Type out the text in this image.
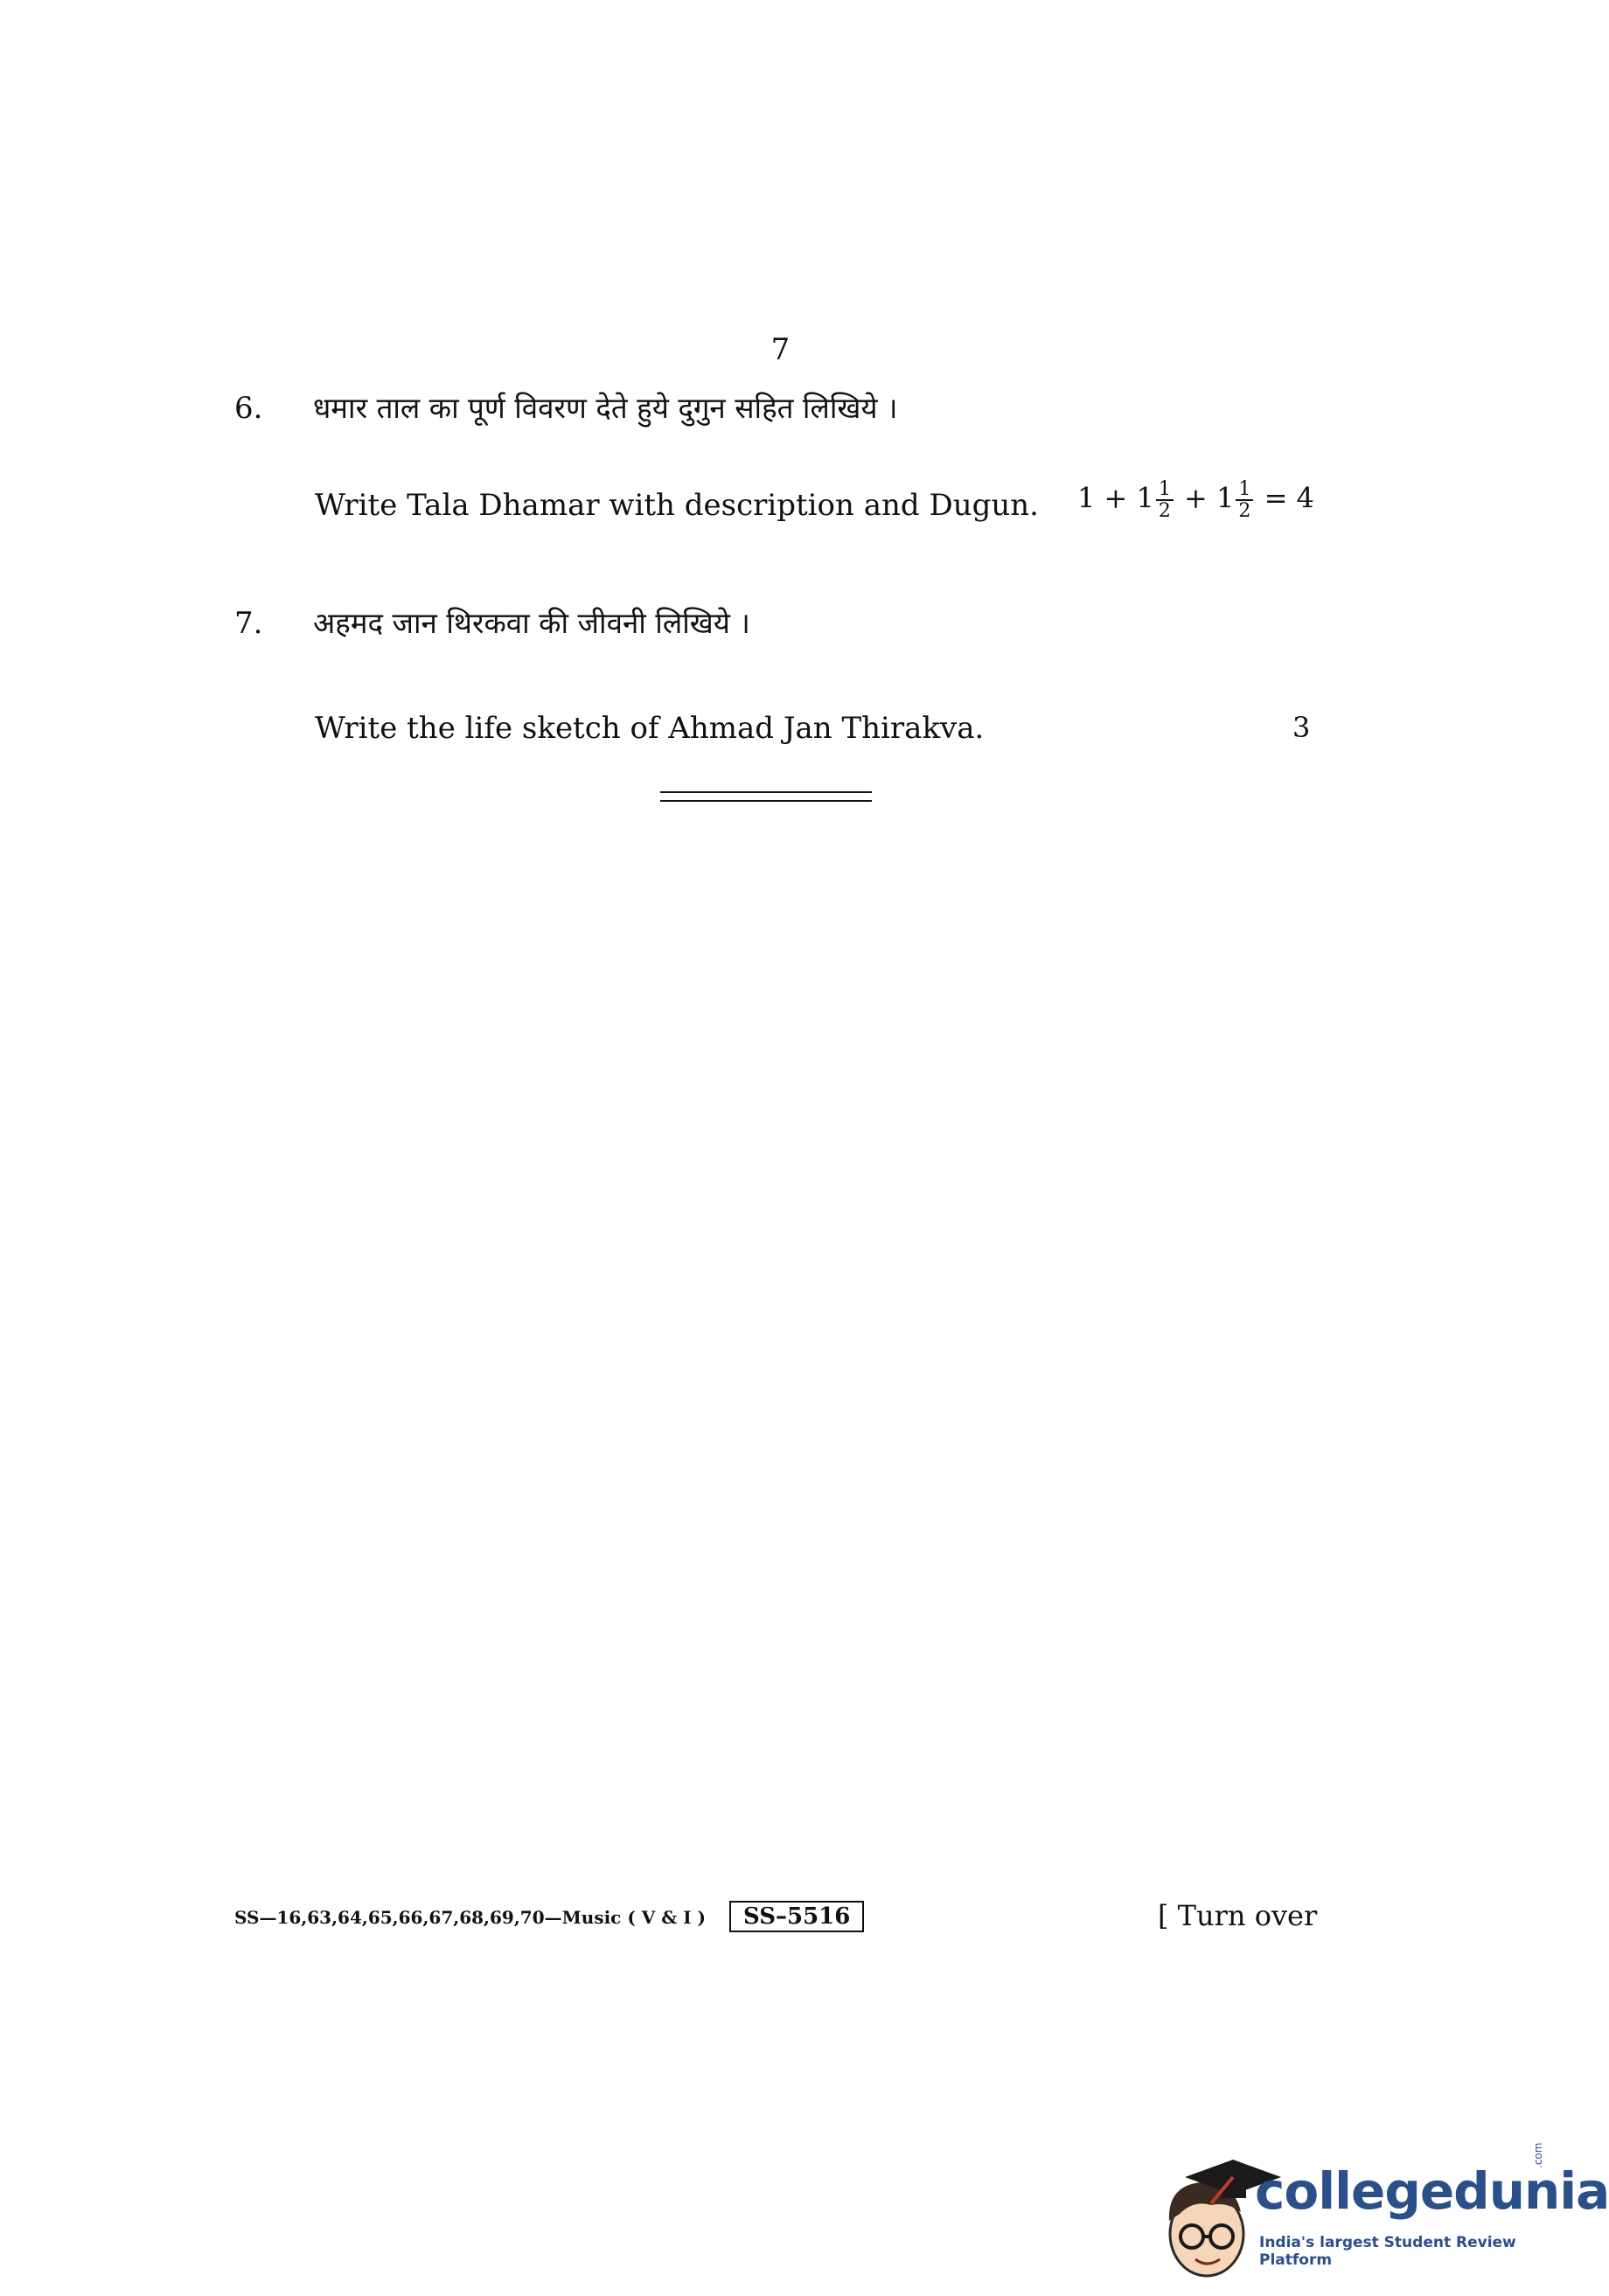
7
6. धमार ताल का पूर्ण विवरण देते हुये दुगुन सहित लिखिये ।
Write Tala Dhamar with description and Dugun. $1 + 1 \frac{1}{2} + 1 \frac{1}{2} = 4$
7. अहमद जान थिरकवा की जीवनी लिखिये ।
Write the life sketch of Ahmad Jan Thirakva.	3
SS—16,63,64,65,66,67,68,69,70—Music ( V & I )	SS–5516	[ Turn over
collegedunia
.com
India's largest Student Review Platform
